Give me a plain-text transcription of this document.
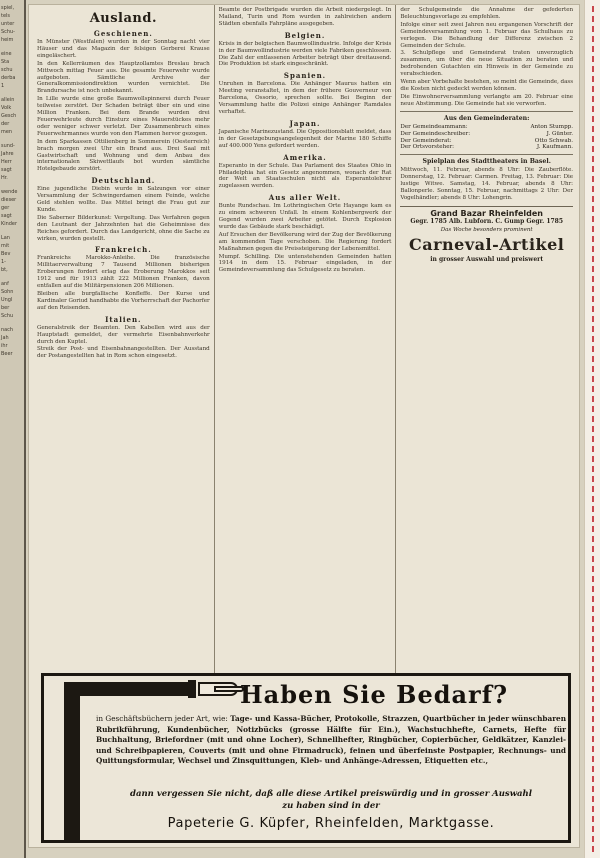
spiel,
tels
unter
Schu-
heim
eine
Sta
schu
derba
1
allein
Volk
Gesch
der
men
sund-
Jahre
Herr
sagt
Hr.
wende
dieser
ger
sagt
Kinder
Lan
mit
Bev
1-
bt,
anf
Sohn
Ungl
ber
Schu
nach
Jah
ihr
Beer
Ausland.
Geschienen.

In Münster (Westfalen) wurden in der Sonntag nacht vier Häuser und das Magazin der felsigen Gerberei Krause eingeläschert.

In den Kellerräumen des Hauptzollamtes Breslau brach Mittwoch mittag Feuer aus. Die gesamte Feuerwehr wurde aufgeboten. Sämtliche Archive der Generalkommissiondirektion wurden vernichtet. Die Brandursache ist noch unbekannt.

In Lille wurde eine große Baumwollspinnerei durch Feuer teilweise zerstört. Der Schaden beträgt über ein und eine Million Franken. Bei dem Brande wurden drei Feuerwehrleute durch Einsturz eines Mauerstückes mehr oder weniger schwer verletzt. Der Zusammenbruch eines Feuerwehrmannes wurde von den Flammen hervor gezogen.

In dem Sparkassen Ottilienberg in Sommerein (Oesterreich) brach morgen zwei Uhr ein Brand aus. Drei Saal mit Gastwirtschaft und Wohnung und dem Anbau des internationalen Skiwettlaufs bot wurden sämtliche Hotelgebaude zerstört.

Deutschland.

Eine jugendliche Diebin wurde in Salzungen vor einer Versammlung der Schwingerdamen einem Feinde, welche Geld stehlen wollte. Das Mittel bringt die Frau gut zur Kunde.

Die Saberner Bilderkunst: Vergeltung. Das Verfahren gegen den Leutnant der Jahrzehnten hat die Geheimnisse des Reiches gefordert. Durch das Landgericht, ohne die Sache zu wirken, wurden gestellt.

Frankreich.

Frankreichs Marokko-Anleihe. Die französische Millitaerverwaltung 7 Tausend Millionen bisherigen Eroberungen fordert erlag das Eroberung Marokkos seit 1912 und für 1913 zählt 222 Millionen Franken, davon entfallen auf die Militärpensionen 206 Millionen.

Bleiben alle burgfallische Konfleffe. Der Kurse und Kardinaler Goriud handhabte die Vorherrschaft der Pachorfer auf den Reisenden.

Italien.

Generalstreik der Beamten. Den Kabellen wird aus der Hauptstadt gemeldet, der vermehrte Eisenbahnverkehr durch den Kuptel.

Streik der Post- und Eisenbahnangestellten. Der Ausstand der Postangestellten hat in Rom schon eingesetzt.

Beamte der Postbrigade wurden die Arbeit niedergelegt. In Mailand, Turin und Rom wurden in zahlreichen andern Städten ebenfalls Fahrpläne ausgegeben.

Belgien.

Krisis in der belgischen Baumwollindustrie. Infolge der Krisis in der Baumwollindustrie werden viele Fabriken geschlossen. Die Zahl der entlassenen Arbeiter beträgt über dreitausend. Die Produktion ist stark eingeschränkt.

Spanien.

Unruhen in Barcelona. Die Anhänger Maurus hatten ein Meeting veranstaltet, in dem der frühere Gouverneur von Barcelona, Ossorio, sprechen sollte. Bei Beginn der Versammlung hatte die Polizei einige Anhänger Ramdales verhaftet.

Japan.

Japanische Marinezustand. Die Oppositionsblatt meldet, dass in der Gesetzgebungsangelegenheit der Marine 180 Schiffe auf 400.000 Yens gefordert werden.

Amerika.

Esperanto in der Schule. Das Parlament des Staates Ohio in Philadelphia hat ein Gesetz angenommen, wonach der Rat der Welt an Staatsschulen nicht als Esperantolehrer zugelassen werden.

Aus aller Welt.

Bunte Rundschau. Im Lothringischen Orte Hayange kam es zu einem schweren Unfall. In einem Kohlenbergwerk der Gegend wurden zwei Arbeiter getötet. Durch Explosion wurde das Gebäude stark beschädigt.

Auf Ersuchen der Bevölkerung wird der Zug der Bevölkerung am kommenden Tage verschoben. Die Regierung fordert Maßnahmen gegen die Preissteigerung der Lebensmittel.

Mumpf. Schilling. Die untenstehenden Gemeinden hatten 1914 in dem 15. Februar eingeladen, in der Gemeindeversammlung das Schulgesetz zu beraten.

der Schulgemeinde die Annahme der gefederten Beleuchtungsvorlage zu empfehlen.

Infolge einer seit zwei Jahren neu ergangenen Vorschrift der Gemeindeversammlung vom 1. Februar das Schulhaus zu verlegen. Die Behandlung der Differenz zwischen 2 Gemeinden der Schule.

3. Schulpflege und Gemeinderat traten unverzuglich zusammen, um über die neue Situation zu beraten und bedrohenden Gutachten ein Hinweis in der Gemeinde zu verabschieden.

Wenn aber Vorbehalte bestehen, so meint die Gemeinde, dass die Kosten nicht gedeckt werden können.

Die Einwohnerversammlung verlangte am 20. Februar eine neue Abstimmung. Die Gemeinde hat sie verworfen.

Aus den Gemeinderaten:
Der Gemeindeammann:	Anton Stumpp.
Der Gemeindeschreiber:	J. Günter.
Der Gemeinderat:	Otto Schwab.
Der Ortsvorsteher:	J. Kaufmann.
Spielplan des Stadttheaters in Basel.

Mittwoch, 11. Februar, abends 8 Uhr: Die Zauberflöte. Donnerstag, 12. Februar: Carmen. Freitag, 13. Februar: Die lustige Witwe. Samstag, 14. Februar, abends 8 Uhr: Ballonperle. Sonntag, 15. Februar, nachmittags 2 Uhr: Der Vogelhändler; abends 8 Uhr: Lohengrin.

Grand Bazar Rheinfelden
Gegr. 1785 Alb. Lubforn. C. Gump Gegr. 1785
Das Woche besonders prominent
Carneval-Artikel
in grosser Auswahl und preiswert
Haben Sie Bedarf?
in Geschäftsbüchern jeder Art, wie: Tage- und Kassa-Bücher, Protokolle, Strazzen, Quartbücher in jeder wünschbaren Rubrikführung, Kundenbücher, Notizbücks (grosse Hälfte für Ein.), Wachstuchhefte, Carnets, Hefte für Buchhaltung, Briefordner (mit und ohne Locher), Schnellhefter, Ringbücher, Copierbücher, Geldkätzer, Kanzlei- und Schreibpapieren, Couverts (mit und ohne Firmadruck), feinen und überfeinste Postpapier, Rechnungs- und Quittungsformular, Wechsel und Zinsquittungen, Kleb- und Anhänge-Adressen, Etiquetten etc.,
dann vergessen Sie nicht, daß alle diese Artikel preiswürdig und in grosser Auswahl
zu haben sind in der
Papeterie G. Küpfer, Rheinfelden, Marktgasse.
